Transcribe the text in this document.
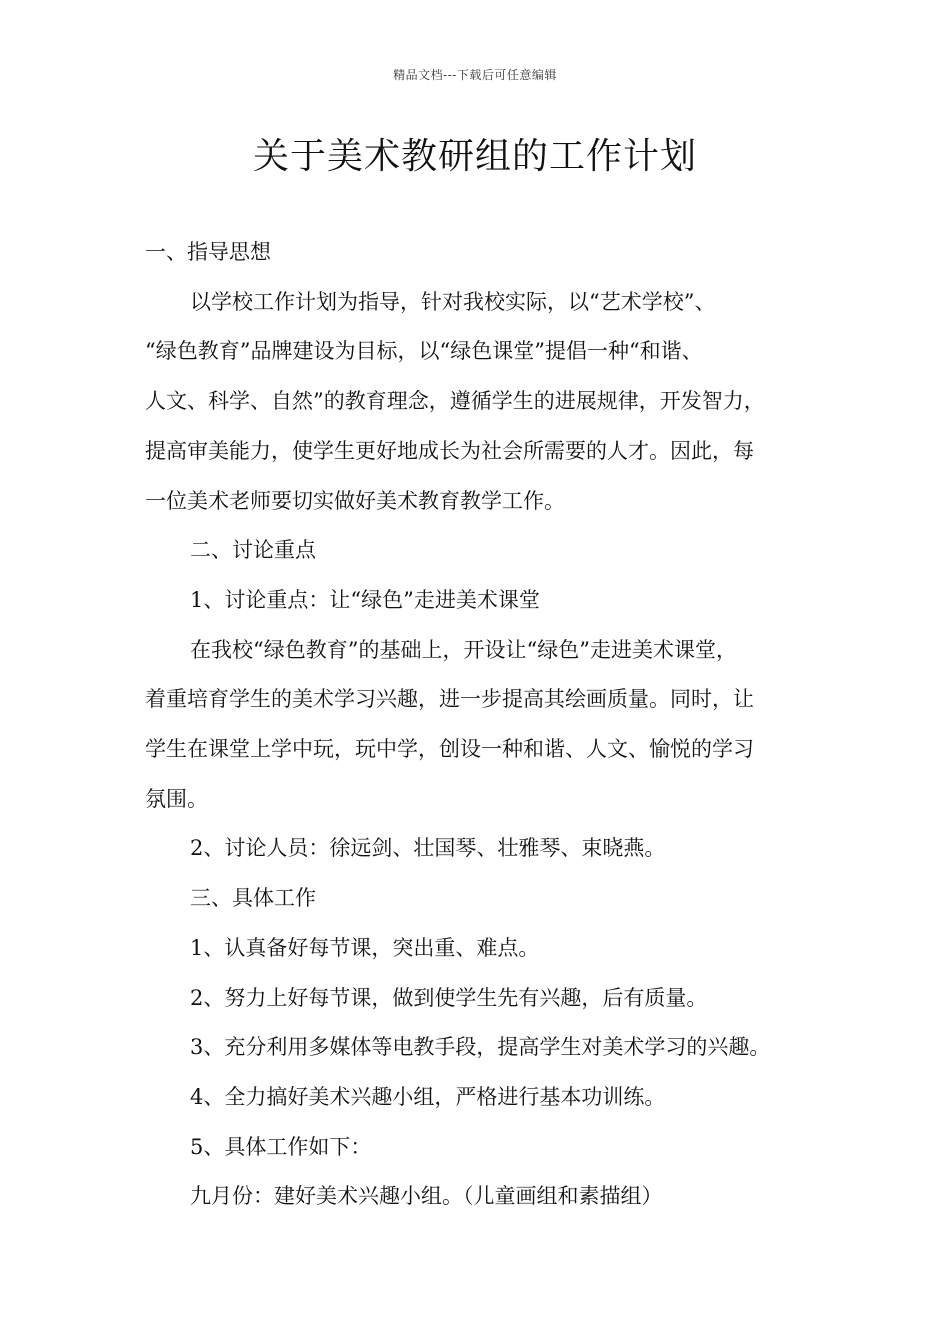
精品文档---下载后可任意编辑
关于美术教研组的工作计划
一、指导思想
以学校工作计划为指导，针对我校实际，以“艺术学校”、
“绿色教育”品牌建设为目标，以“绿色课堂”提倡一种“和谐、
人文、科学、自然”的教育理念，遵循学生的进展规律，开发智力，
提高审美能力，使学生更好地成长为社会所需要的人才。因此，每
一位美术老师要切实做好美术教育教学工作。
二、讨论重点
1、讨论重点：让“绿色”走进美术课堂
在我校“绿色教育”的基础上，开设让“绿色”走进美术课堂，
着重培育学生的美术学习兴趣，进一步提高其绘画质量。同时，让
学生在课堂上学中玩，玩中学，创设一种和谐、人文、愉悦的学习
氛围。
2、讨论人员：徐远剑、壮国琴、壮雅琴、束晓燕。
三、具体工作
1、认真备好每节课，突出重、难点。
2、努力上好每节课，做到使学生先有兴趣，后有质量。
3、充分利用多媒体等电教手段，提高学生对美术学习的兴趣。
4、全力搞好美术兴趣小组，严格进行基本功训练。
5、具体工作如下：
九月份：建好美术兴趣小组。（儿童画组和素描组）
